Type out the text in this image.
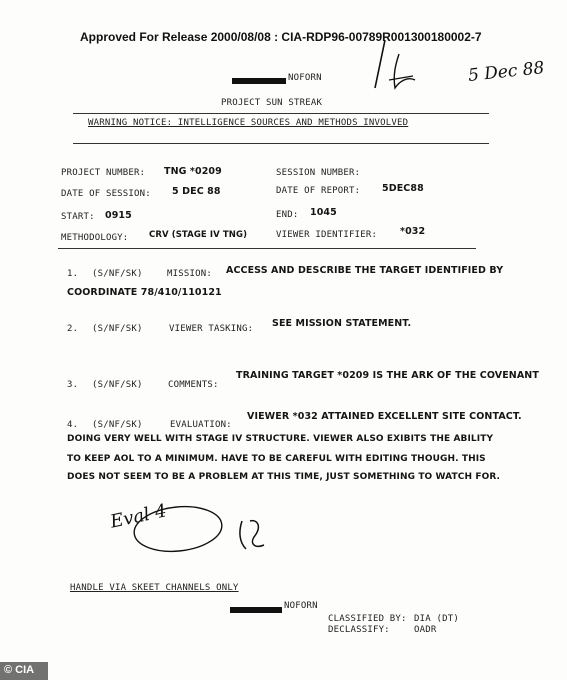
Approved For Release 2000/08/08 : CIA-RDP96-00789R001300180002-7
5 Dec 88
NOFORN
PROJECT SUN STREAK
WARNING NOTICE: INTELLIGENCE SOURCES AND METHODS INVOLVED
PROJECT NUMBER: TNG *0209	SESSION NUMBER:
DATE OF SESSION: 5 DEC 88	DATE OF REPORT: 5DEC88
START: 0915	END: 1045
METHODOLOGY: CRV (STAGE IV TNG)	VIEWER IDENTIFIER: *032
1. (S/NF/SK)	MISSION: ACCESS AND DESCRIBE THE TARGET IDENTIFIED BY
COORDINATE 78/410/110121
2. (S/NF/SK)	VIEWER TASKING: SEE MISSION STATEMENT.
3. (S/NF/SK)	COMMENTS:
TRAINING TARGET *0209 IS THE ARK OF THE COVENANT
4. (S/NF/SK)	EVALUATION:
VIEWER *032 ATTAINED EXCELLENT SITE CONTACT.
DOING VERY WELL WITH STAGE IV STRUCTURE. VIEWER ALSO EXIBITS THE ABILITY
TO KEEP AOL TO A MINIMUM. HAVE TO BE CAREFUL WITH EDITING THOUGH. THIS
DOES NOT SEEM TO BE A PROBLEM AT THIS TIME, JUST SOMETHING TO WATCH FOR.
Eval 4
HANDLE VIA SKEET CHANNELS ONLY
NOFORN
CLASSIFIED BY: DIA (DT)
DECLASSIFY:	OADR
© CIA
